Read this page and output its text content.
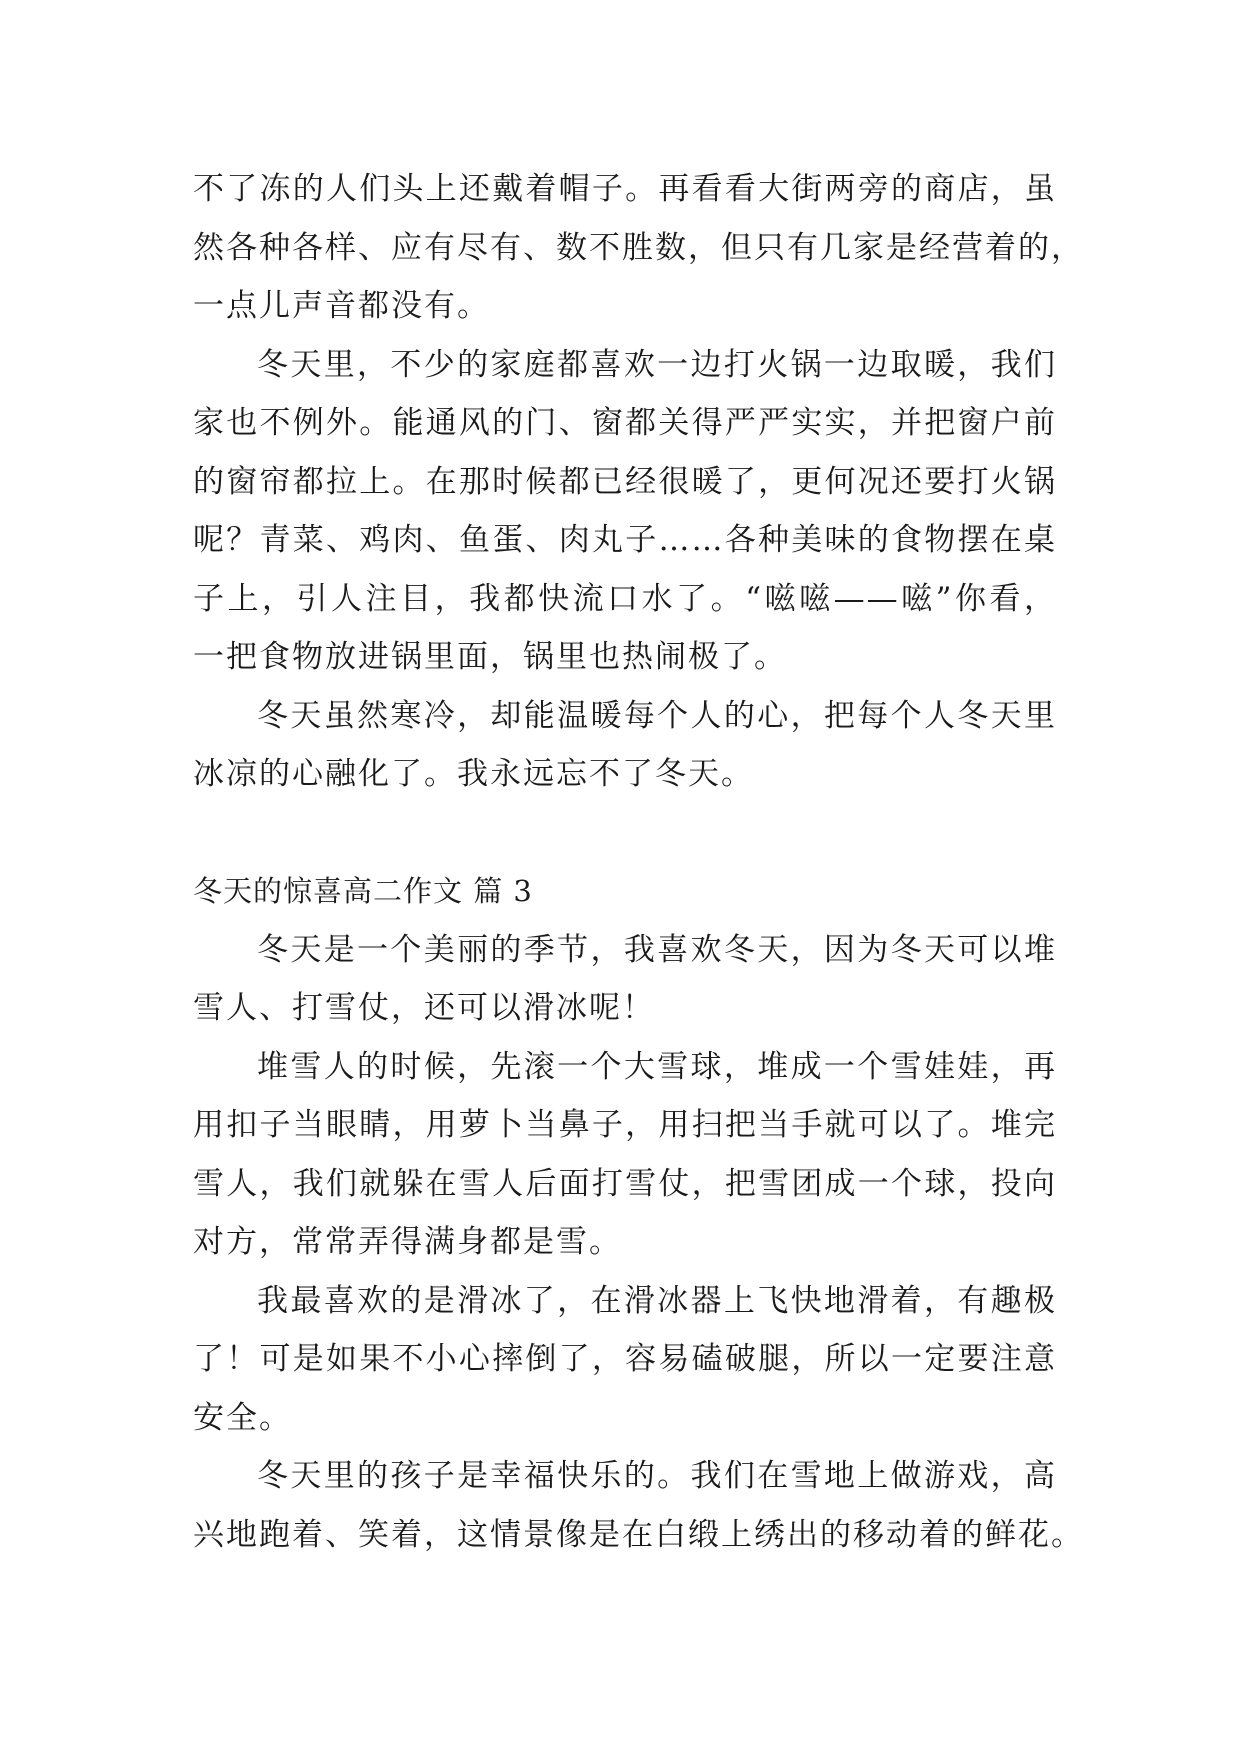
不了冻的人们头上还戴着帽子。再看看大街两旁的商店，虽
然各种各样、应有尽有、数不胜数，但只有几家是经营着的，
一点儿声音都没有。
冬天里，不少的家庭都喜欢一边打火锅一边取暖，我们
家也不例外。能通风的门、窗都关得严严实实，并把窗户前
的窗帘都拉上。在那时候都已经很暖了，更何况还要打火锅
呢？青菜、鸡肉、鱼蛋、肉丸子……各种美味的食物摆在桌
子上，引人注目，我都快流口水了。“嗞嗞——嗞”你看，
一把食物放进锅里面，锅里也热闹极了。
冬天虽然寒冷，却能温暖每个人的心，把每个人冬天里
冰凉的心融化了。我永远忘不了冬天。
冬天的惊喜高二作文 篇 3
冬天是一个美丽的季节，我喜欢冬天，因为冬天可以堆
雪人、打雪仗，还可以滑冰呢！
堆雪人的时候，先滚一个大雪球，堆成一个雪娃娃，再
用扣子当眼睛，用萝卜当鼻子，用扫把当手就可以了。堆完
雪人，我们就躲在雪人后面打雪仗，把雪团成一个球，投向
对方，常常弄得满身都是雪。
我最喜欢的是滑冰了，在滑冰器上飞快地滑着，有趣极
了！可是如果不小心摔倒了，容易磕破腿，所以一定要注意
安全。
冬天里的孩子是幸福快乐的。我们在雪地上做游戏，高
兴地跑着、笑着，这情景像是在白缎上绣出的移动着的鲜花。
